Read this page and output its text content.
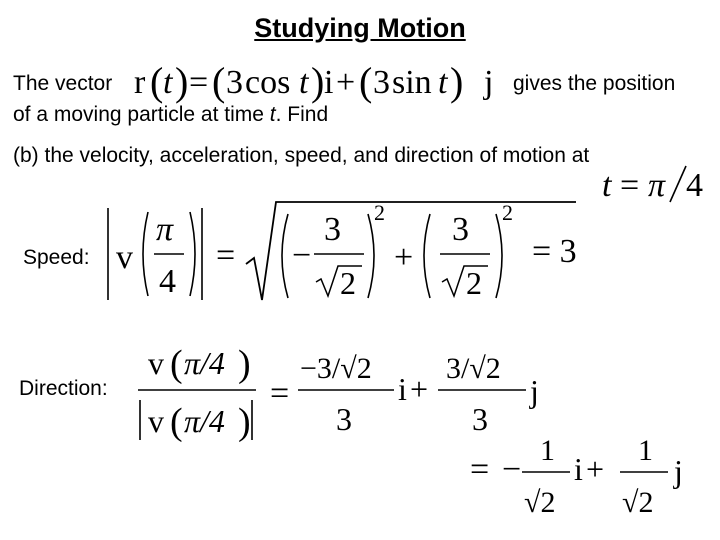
Studying Motion
The vector r ( t ) = ( 3 cos t ) i + ( 3 sin t ) j gives the position
of a moving particle at time t. Find
(b) the velocity, acceleration, speed, and direction of motion at
t = π 4
Speed: v
π
4
= −
3
2
2
+
3
2
2
= 3
Direction:
v ( π/4 )
v ( π/4 )
=
−3/√2
3
i +
3/√2
3
j
= −
1
√2
i +
1
√2
j
